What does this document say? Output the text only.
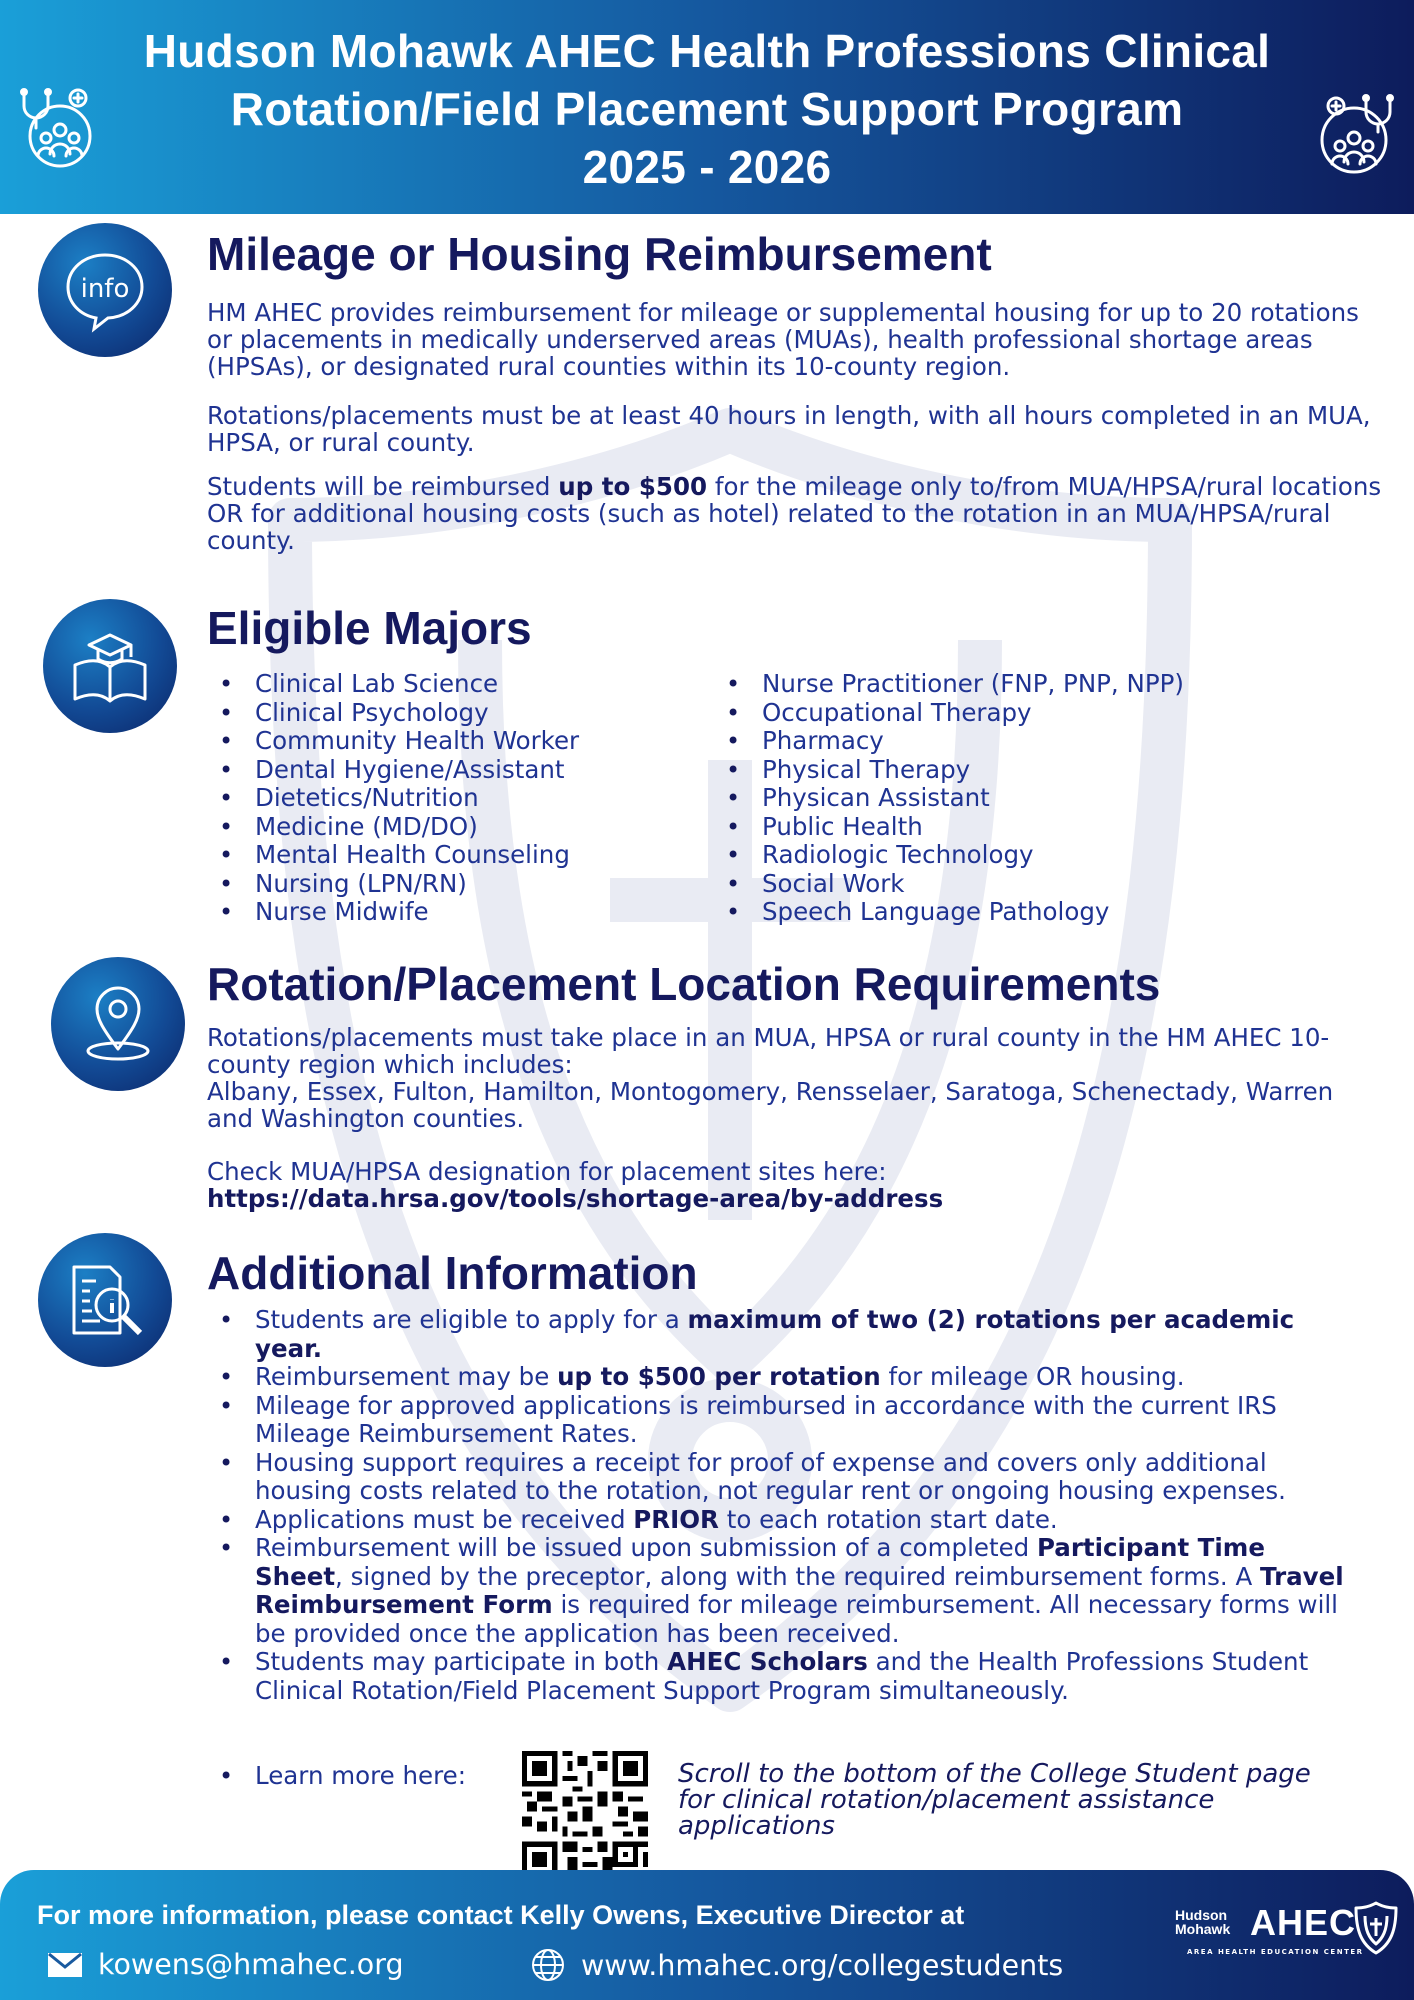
Hudson Mohawk AHEC Health Professions Clinical
Rotation/Field Placement Support Program
2025 - 2026
info
Mileage or Housing Reimbursement
HM AHEC provides reimbursement for mileage or supplemental housing for up to 20 rotations or placements in medically underserved areas (MUAs), health professional shortage areas (HPSAs), or designated rural counties within its 10-county region.
Rotations/placements must be at least 40 hours in length, with all hours completed in an MUA, HPSA, or rural county.
Students will be reimbursed up to $500 for the mileage only to/from MUA/HPSA/rural locations OR for additional housing costs (such as hotel) related to the rotation in an MUA/HPSA/rural county.
Eligible Majors
• Clinical Lab Science
• Clinical Psychology
• Community Health Worker
• Dental Hygiene/Assistant
• Dietetics/Nutrition
• Medicine (MD/DO)
• Mental Health Counseling
• Nursing (LPN/RN)
• Nurse Midwife
• Nurse Practitioner (FNP, PNP, NPP)
• Occupational Therapy
• Pharmacy
• Physical Therapy
• Physican Assistant
• Public Health
• Radiologic Technology
• Social Work
• Speech Language Pathology
Rotation/Placement Location Requirements
Rotations/placements must take place in an MUA, HPSA or rural county in the HM AHEC 10-county region which includes:
Albany, Essex, Fulton, Hamilton, Montogomery, Rensselaer, Saratoga, Schenectady, Warren and Washington counties.
Check MUA/HPSA designation for placement sites here:
https://data.hrsa.gov/tools/shortage-area/by-address
Additional Information
• Students are eligible to apply for a maximum of two (2) rotations per academic year.
• Reimbursement may be up to $500 per rotation for mileage OR housing.
• Mileage for approved applications is reimbursed in accordance with the current IRS Mileage Reimbursement Rates.
• Housing support requires a receipt for proof of expense and covers only additional housing costs related to the rotation, not regular rent or ongoing housing expenses.
• Applications must be received PRIOR to each rotation start date.
• Reimbursement will be issued upon submission of a completed Participant Time Sheet, signed by the preceptor, along with the required reimbursement forms. A Travel Reimbursement Form is required for mileage reimbursement. All necessary forms will be provided once the application has been received.
• Students may participate in both AHEC Scholars and the Health Professions Student Clinical Rotation/Field Placement Support Program simultaneously.
• Learn more here:	Scroll to the bottom of the College Student page for clinical rotation/placement assistance applications
For more information, please contact Kelly Owens, Executive Director at
kowens@hmahec.org	www.hmahec.org/collegestudents
Hudson
Mohawk AHEC
AREA HEALTH EDUCATION CENTER
